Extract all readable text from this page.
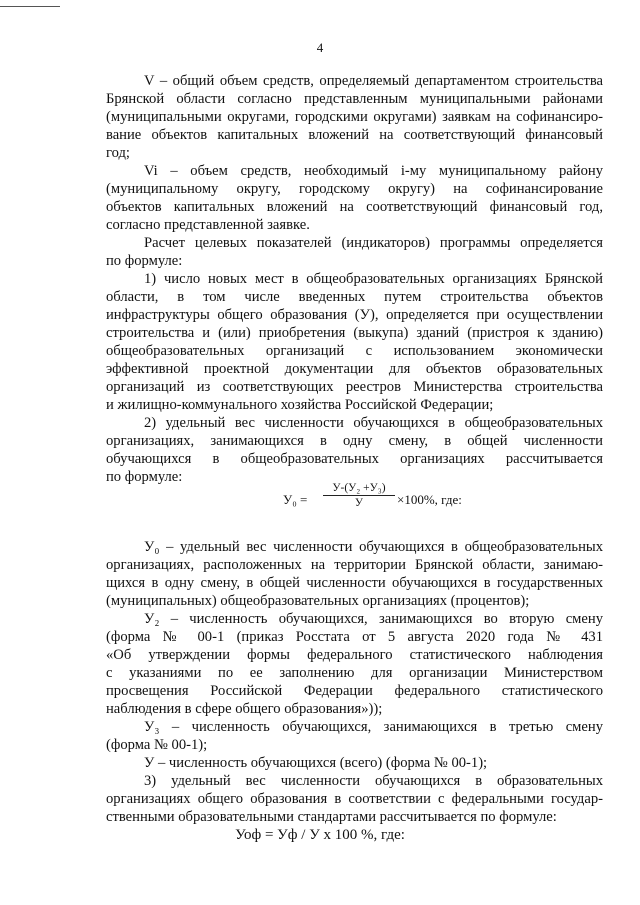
4
V – общий объем средств, определяемый департаментом строительства
Брянской области согласно представленным муниципальными районами
(муниципальными округами, городскими округами) заявкам на софинансиро-
вание объектов капитальных вложений на соответствующий финансовый
год;
Vi – объем средств, необходимый i-му муниципальному району
(муниципальному округу, городскому округу) на софинансирование
объектов капитальных вложений на соответствующий финансовый год,
согласно представленной заявке.
Расчет целевых показателей (индикаторов) программы определяется
по формуле:
1) число новых мест в общеобразовательных организациях Брянской
области, в том числе введенных путем строительства объектов
инфраструктуры общего образования (У), определяется при осуществлении
строительства и (или) приобретения (выкупа) зданий (пристроя к зданию)
общеобразовательных организаций с использованием экономически
эффективной проектной документации для объектов образовательных
организаций из соответствующих реестров Министерства строительства
и жилищно-коммунального хозяйства Российской Федерации;
2) удельный вес численности обучающихся в общеобразовательных
организациях, занимающихся в одну смену, в общей численности
обучающихся в общеобразовательных организациях рассчитывается
по формуле:
У₀ – удельный вес численности обучающихся в общеобразовательных
организациях, расположенных на территории Брянской области, занимаю-
щихся в одну смену, в общей численности обучающихся в государственных
(муниципальных) общеобразовательных организациях (процентов);
У₂ – численность обучающихся, занимающихся во вторую смену
(форма № 00-1 (приказ Росстата от 5 августа 2020 года № 431
«Об утверждении формы федерального статистического наблюдения
с указаниями по ее заполнению для организации Министерством
просвещения Российской Федерации федерального статистического
наблюдения в сфере общего образования»));
У₃ – численность обучающихся, занимающихся в третью смену
(форма № 00-1);
У – численность обучающихся (всего) (форма № 00-1);
3) удельный вес численности обучающихся в образовательных
организациях общего образования в соответствии с федеральными государ-
ственными образовательными стандартами рассчитывается по формуле:
У₀ =
У-(У₂ +У₃)
У	×100%, где:
Уоф = Уф / У х 100 %, где:
